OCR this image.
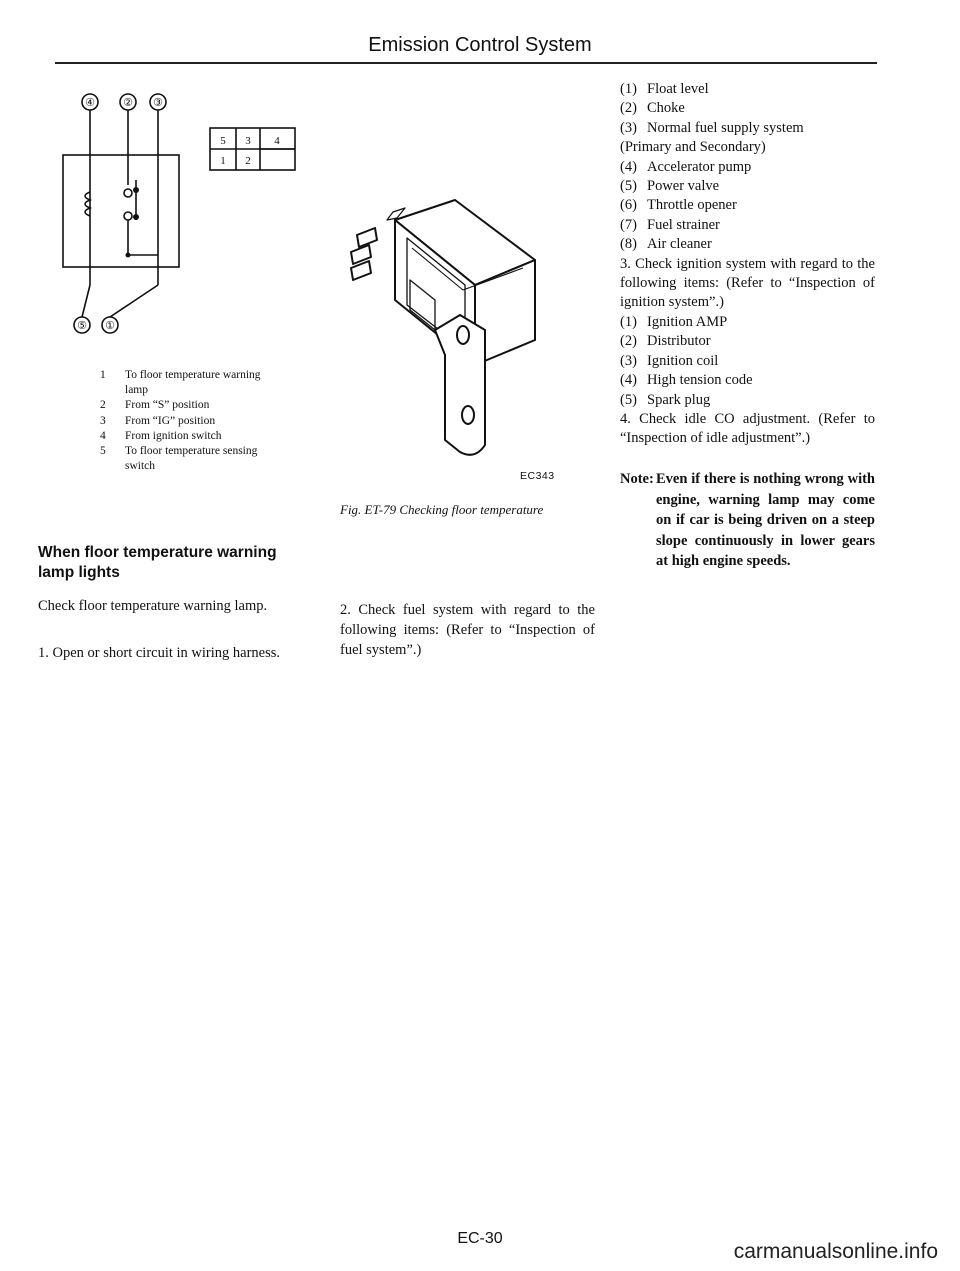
Emission Control System
④	② ③
⑤ ①
5 3 4
1 2
1	To floor temperature warning lamp
2	From “S” position
3	From “IG” position
4	From ignition switch
5	To floor temperature sensing switch
EC343
Fig. ET-79 Checking floor temperature
When floor temperature warning lamp lights
Check floor temperature warning lamp.
1. Open or short circuit in wiring harness.
2. Check fuel system with regard to the following items: (Refer to “Inspection of fuel system”.)
(1) Float level
(2) Choke
(3) Normal fuel supply system
(Primary and Secondary)
(4) Accelerator pump
(5) Power valve
(6) Throttle opener
(7) Fuel strainer
(8) Air cleaner
3. Check ignition system with regard to the following items: (Refer to “Inspection of ignition system”.)
(1) Ignition AMP
(2) Distributor
(3) Ignition coil
(4) High tension code
(5) Spark plug
4. Check idle CO adjustment. (Refer to “Inspection of idle adjustment”.)
Note: Even if there is nothing wrong with engine, warning lamp may come on if car is being driven on a steep slope continuously in lower gears at high engine speeds.
EC-30
carmanualsonline.info
